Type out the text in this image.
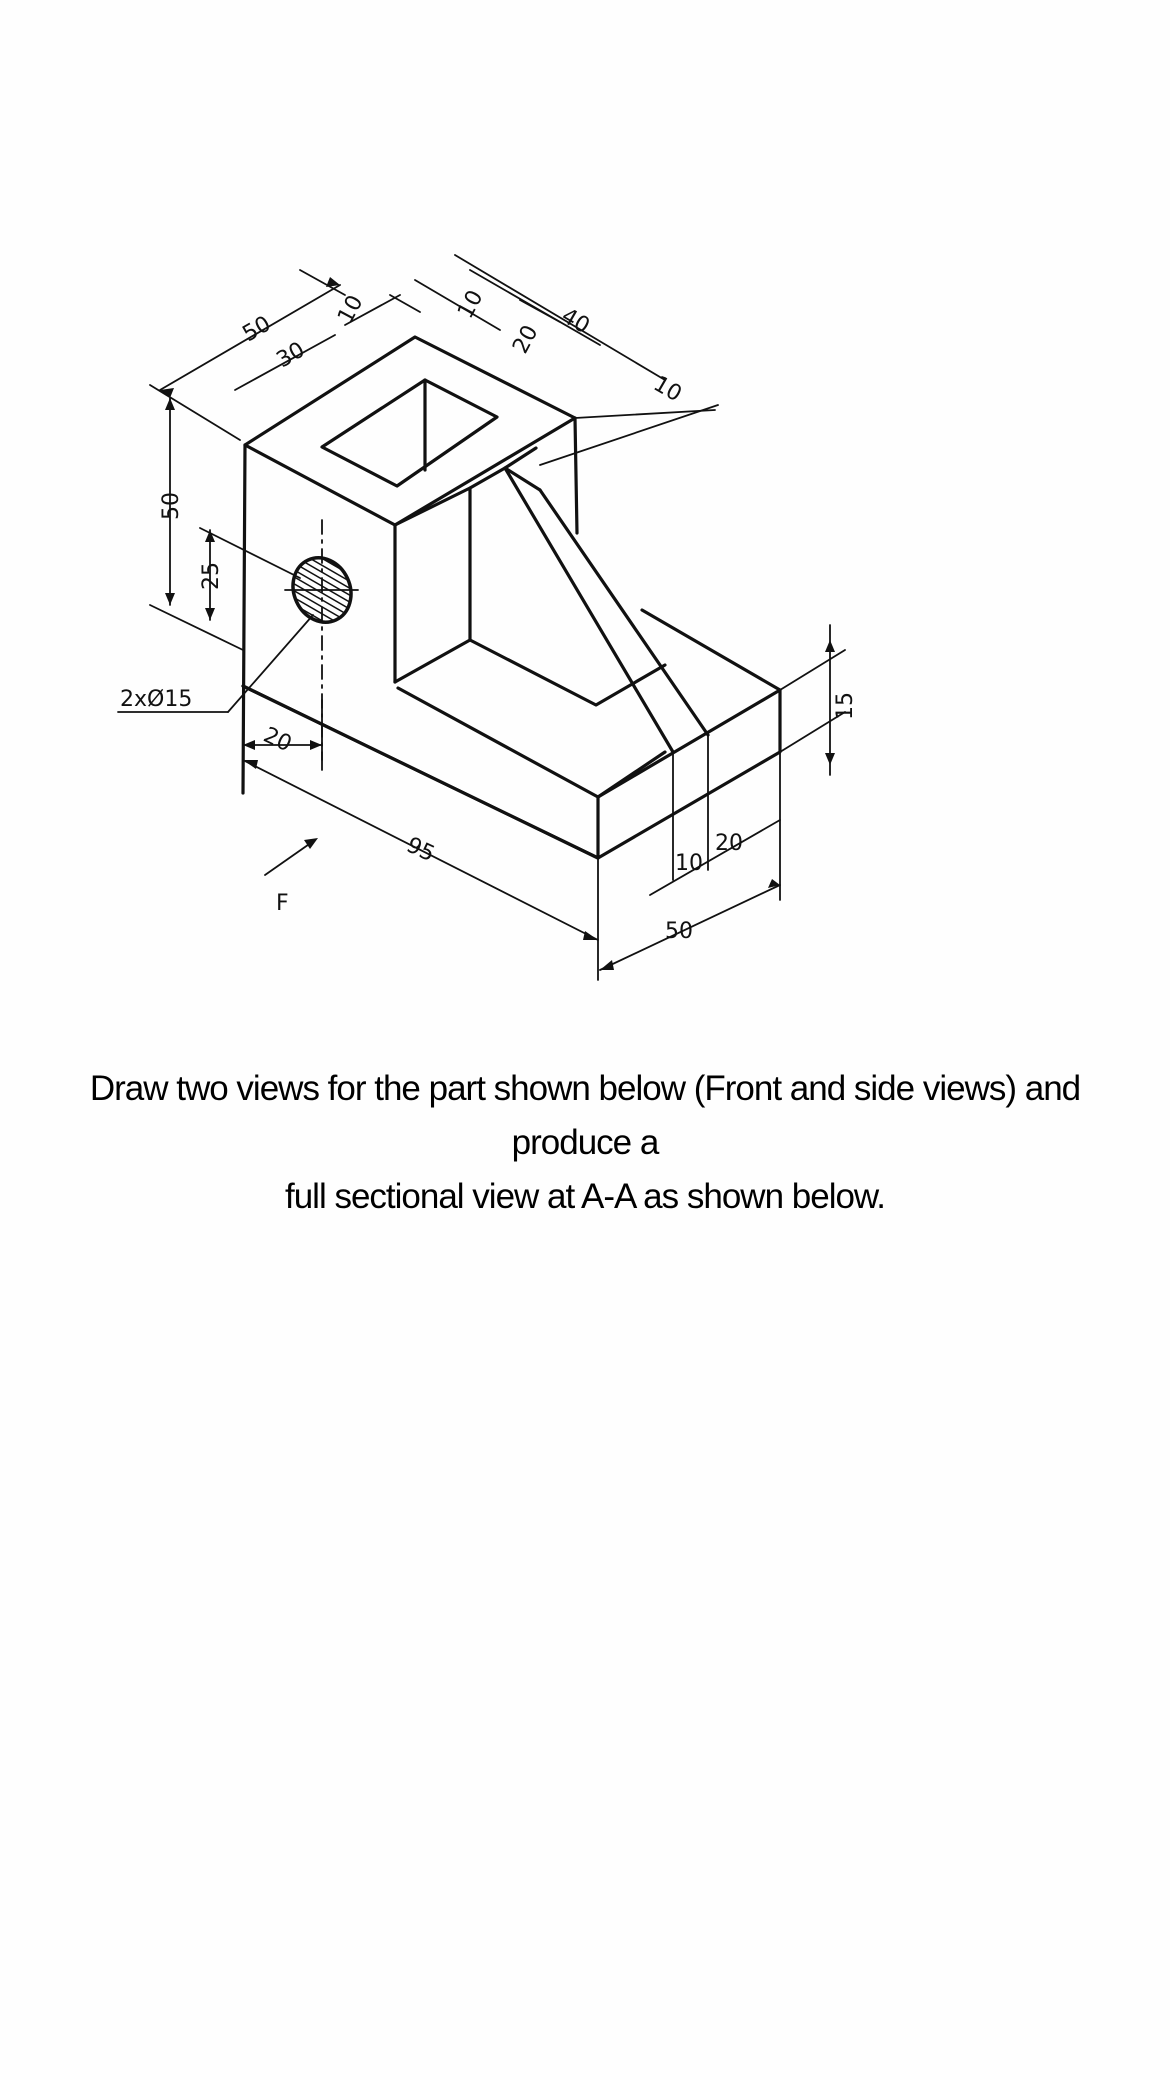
50
30
10	10
20 40
10
50
25
2xØ15
20
95
15
10
20
50
F
Draw two views for the part shown below (Front and side views) and produce a
full sectional view at A-A as shown below.
